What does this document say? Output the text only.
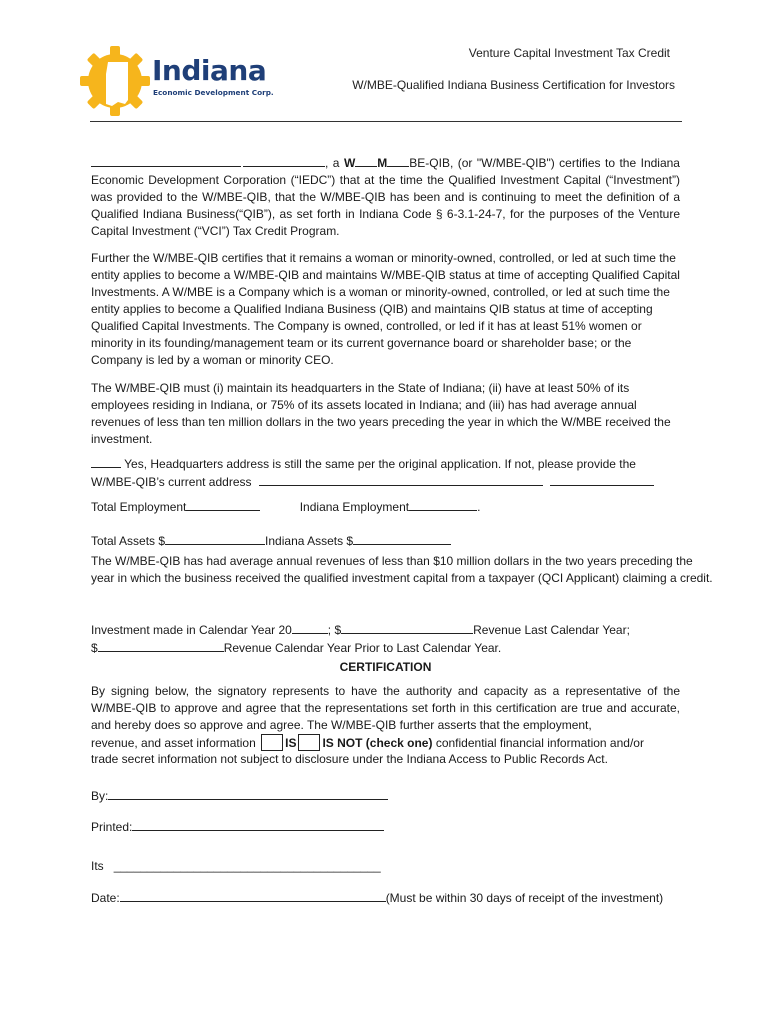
Indiana
Economic Development Corp.
Venture Capital Investment Tax Credit
W/MBE-Qualified Indiana Business Certification for Investors
, a W M BE-QIB, (or "W/MBE-QIB") certifies to the Indiana Economic Development Corporation (“IEDC”) that at the time the Qualified Investment Capital (“Investment”) was provided to the W/MBE-QIB, that the W/MBE-QIB has been and is continuing to meet the definition of a Qualified Indiana Business(“QIB”), as set forth in Indiana Code § 6-3.1-24-7, for the purposes of the Venture Capital Investment (“VCI”) Tax Credit Program.
Further the W/MBE-QIB certifies that it remains a woman or minority-owned, controlled, or led at such time the entity applies to become a W/MBE-QIB and maintains W/MBE-QIB status at time of accepting Qualified Capital Investments. A W/MBE is a Company which is a woman or minority-owned, controlled, or led at such time the entity applies to become a Qualified Indiana Business (QIB) and maintains QIB status at time of accepting Qualified Capital Investments. The Company is owned, controlled, or led if it has at least 51% women or minority in its founding/management team or its current governance board or shareholder base; or the Company is led by a woman or minority CEO.
The W/MBE-QIB must (i) maintain its headquarters in the State of Indiana; (ii) have at least 50% of its employees residing in Indiana, or 75% of its assets located in Indiana; and (iii) has had average annual revenues of less than ten million dollars in the two years preceding the year in which the W/MBE received the investment.
Yes, Headquarters address is still the same per the original application. If not, please provide the
W/MBE-QIB’s current address
Total Employment	Indiana Employment	.
Total Assets $	Indiana Assets $
The W/MBE-QIB has had average annual revenues of less than $10 million dollars in the two years preceding the year in which the business received the qualified investment capital from a taxpayer (QCI Applicant) claiming a credit.
Investment made in Calendar Year 20	; $	Revenue Last Calendar Year;
$	Revenue Calendar Year Prior to Last Calendar Year.
CERTIFICATION
By signing below, the signatory represents to have the authority and capacity as a representative of the W/MBE-QIB to approve and agree that the representations set forth in this certification are true and accurate, and hereby does so approve and agree. The W/MBE-QIB further asserts that the employment,
revenue, and asset information IS IS NOT (check one) confidential financial information and/or
trade secret information not subject to disclosure under the Indiana Access to Public Records Act.
By:
Printed:
Its ________________________________________
Date:	(Must be within 30 days of receipt of the investment)
